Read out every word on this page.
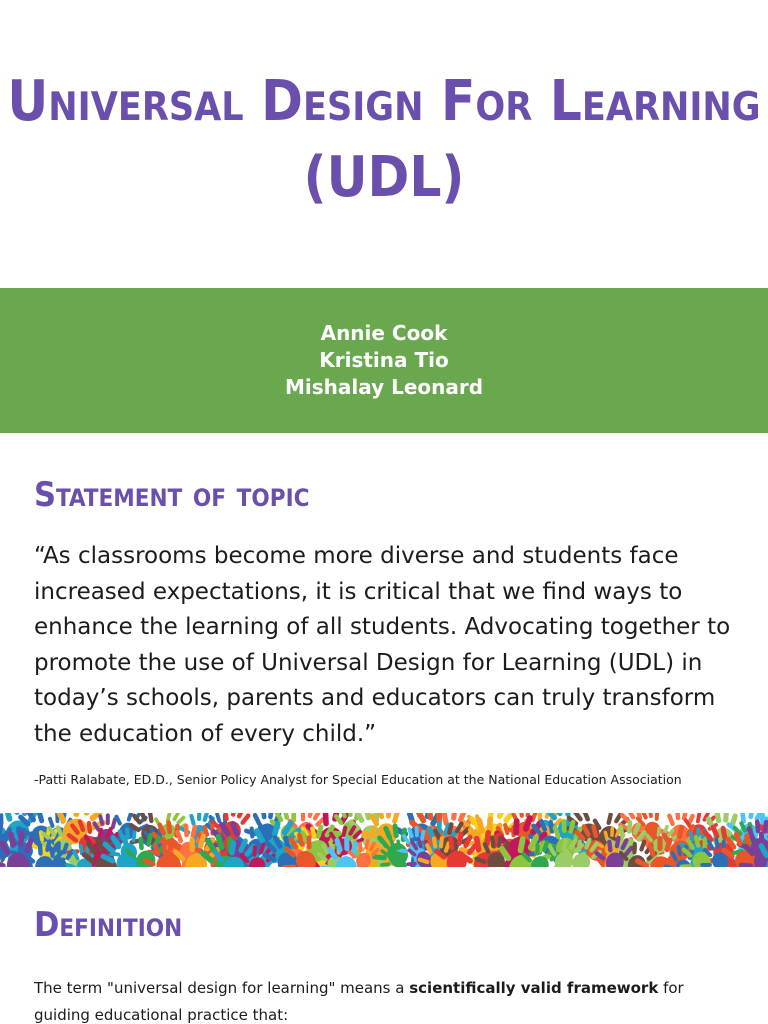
Universal Design For Learning
(UDL)
Annie Cook
Kristina Tio
Mishalay Leonard
Statement of topic

“As classrooms become more diverse and students face increased expectations, it is critical that we find ways to enhance the learning of all students. Advocating together to promote the use of Universal Design for Learning (UDL) in today’s schools, parents and educators can truly transform the education of every child.”

-Patti Ralabate, ED.D., Senior Policy Analyst for Special Education at the National Education Association

Definition

The term "universal design for learning" means a scientifically valid framework for guiding educational practice that:
